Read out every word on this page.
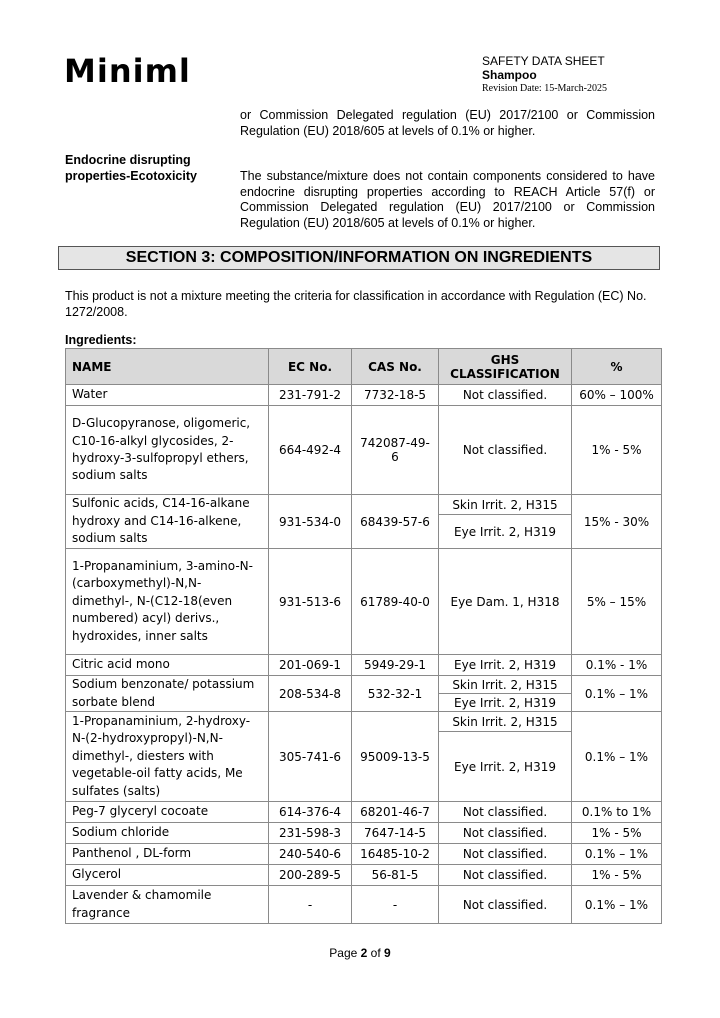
Miniml	SAFETY DATA SHEET
Shampoo
Revision Date: 15-March-2025
or Commission Delegated regulation (EU) 2017/2100 or Commission Regulation (EU) 2018/605 at levels of 0.1% or higher.
Endocrine disrupting properties-Ecotoxicity	The substance/mixture does not contain components considered to have endocrine disrupting properties according to REACH Article 57(f) or Commission Delegated regulation (EU) 2017/2100 or Commission Regulation (EU) 2018/605 at levels of 0.1% or higher.
SECTION 3: COMPOSITION/INFORMATION ON INGREDIENTS
This product is not a mixture meeting the criteria for classification in accordance with Regulation (EC) No. 1272/2008.
Ingredients:
NAME	EC No.	CAS No.	GHS CLASSIFICATION	%
Water	231-791-2	7732-18-5	Not classified.	60% – 100%
D-Glucopyranose, oligomeric, C10-16-alkyl glycosides, 2-hydroxy-3-sulfopropyl ethers, sodium salts	664-492-4	742087-49-6	Not classified.	1% - 5%
Sulfonic acids, C14-16-alkane hydroxy and C14-16-alkene, sodium salts	931-534-0	68439-57-6	Skin Irrit. 2, H315	15% - 30%
			Eye Irrit. 2, H319	
1-Propanaminium, 3-amino-N-(carboxymethyl)-N,N-dimethyl-, N-(C12-18(even numbered) acyl) derivs., hydroxides, inner salts	931-513-6	61789-40-0	Eye Dam. 1, H318	5% – 15%
Citric acid mono	201-069-1	5949-29-1	Eye Irrit. 2, H319	0.1% - 1%
Sodium benzonate/ potassium sorbate blend	208-534-8	532-32-1	Skin Irrit. 2, H315	0.1% – 1%
			Eye Irrit. 2, H319	
1-Propanaminium, 2-hydroxy-N-(2-hydroxypropyl)-N,N-dimethyl-, diesters with vegetable-oil fatty acids, Me sulfates (salts)	305-741-6	95009-13-5	Skin Irrit. 2, H315	0.1% – 1%
			Eye Irrit. 2, H319	
Peg-7 glyceryl cocoate	614-376-4	68201-46-7	Not classified.	0.1% to 1%
Sodium chloride	231-598-3	7647-14-5	Not classified.	1% - 5%
Panthenol , DL-form	240-540-6	16485-10-2	Not classified.	0.1% – 1%
Glycerol	200-289-5	56-81-5	Not classified.	1% - 5%
Lavender & chamomile fragrance	-	-	Not classified.	0.1% – 1%
Page 2 of 9
